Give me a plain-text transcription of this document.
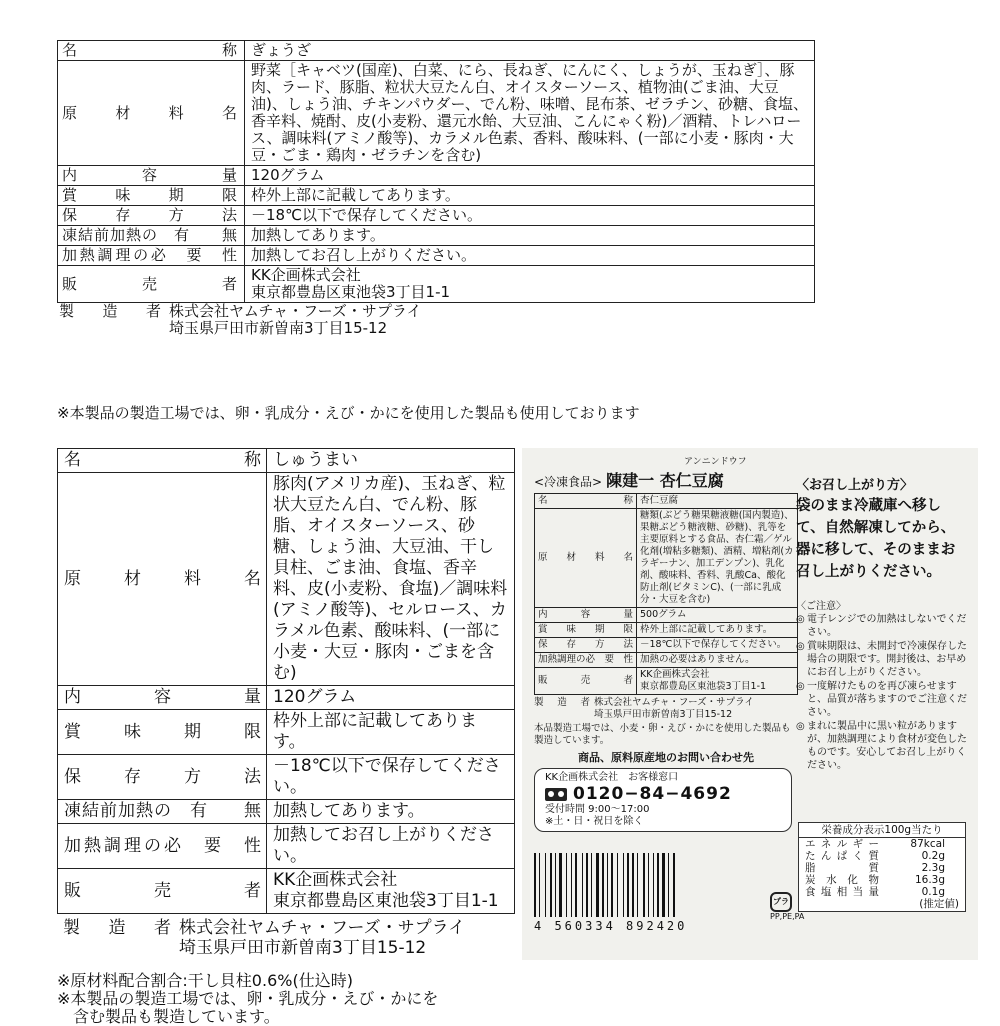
名　　称	ぎょうざ
原材料名	野菜［キャベツ(国産)、白菜、にら、長ねぎ、にんにく、しょうが、玉ねぎ］、豚肉、ラード、豚脂、粒状大豆たん白、オイスターソース、植物油(ごま油、大豆油)、しょう油、チキンパウダー、でん粉、味噌、昆布茶、ゼラチン、砂糖、食塩、香辛料、焼酎、皮(小麦粉、還元水飴、大豆油、こんにゃく粉)／酒精、トレハロース、調味料(アミノ酸等)、カラメル色素、香料、酸味料、(一部に小麦・豚肉・大豆・ごま・鶏肉・ゼラチンを含む)
内 容 量	120グラム
賞味期限	枠外上部に記載してあります。
保存方法	－18℃以下で保存してください。
凍結前加熱の　有　　無	加熱してあります。
加熱調理の必　要　性	加熱してお召し上がりください。
販 売 者	KK企画株式会社
東京都豊島区東池袋3丁目1-1
製 造 者 株式会社ヤムチャ・フーズ・サプライ
埼玉県戸田市新曽南3丁目15-12
※本製品の製造工場では、卵・乳成分・えび・かにを使用した製品も使用しております
名　　称	しゅうまい
原材料名	豚肉(アメリカ産)、玉ねぎ、粒状大豆たん白、でん粉、豚脂、オイスターソース、砂糖、しょう油、大豆油、干し貝柱、ごま油、食塩、香辛料、皮(小麦粉、食塩)／調味料(アミノ酸等)、セルロース、カラメル色素、酸味料、(一部に小麦・大豆・豚肉・ごまを含む)
内 容 量	120グラム
賞味期限	枠外上部に記載してあります。
保存方法	－18℃以下で保存してください。
凍結前加熱の　有　　無	加熱してあります。
加熱調理の必　要　性	加熱してお召し上がりください。
販 売 者	KK企画株式会社
東京都豊島区東池袋3丁目1-1
製 造 者 株式会社ヤムチャ・フーズ・サプライ
埼玉県戸田市新曽南3丁目15-12
※原材料配合割合:干し貝柱0.6%(仕込時)
※本製品の製造工場では、卵・乳成分・えび・かにを
　含む製品も製造しています。
アンニンドウフ
<冷凍食品> 陳建一 杏仁豆腐
名　　称	杏仁豆腐
原材料名	糖類(ぶどう糖果糖液糖(国内製造)、果糖ぶどう糖液糖、砂糖)、乳等を主要原料とする食品、杏仁霜／ゲル化剤(増粘多糖類)、酒精、増粘剤(カラギーナン、加工デンプン)、乳化剤、酸味料、香料、乳酸Ca、酸化防止剤(ビタミンC)、(一部に乳成分・大豆を含む)
内 容 量	500グラム
賞味期限	枠外上部に記載してあります。
保存方法	－18℃以下で保存してください。
加熱調理の必　要　性	加熱の必要はありません。
販 売 者	KK企画株式会社
東京都豊島区東池袋3丁目1-1
製 造 者 株式会社ヤムチャ・フーズ・サプライ
埼玉県戸田市新曽南3丁目15-12
本品製造工場では、小麦・卵・えび・かにを使用した製品も製造しています。
商品、原料原産地のお問い合わせ先
KK企画株式会社　お客様窓口
0120−84−4692
受付時間 9:00〜17:00
※土・日・祝日を除く
4 560334 892420
プラ
PP,PE,PA
〈お召し上がり方〉
袋のまま冷蔵庫へ移して、自然解凍してから、器に移して、そのままお召し上がりください。
〈ご注意〉
◎ 電子レンジでの加熱はしないでください。
◎ 賞味期限は、未開封で冷凍保存した場合の期限です。開封後は、お早めにお召し上がりください。
◎ 一度解けたものを再び凍らせますと、品質が落ちますのでご注意ください。
◎ まれに製品中に黒い粒がありますが、加熱調理により食材が変色したものです。安心してお召し上がりください。
栄養成分表示100g当たり
エネルギー	87kcal
たんぱく質	0.2g
脂　　質	2.3g
炭水化物	16.3g
食塩相当量	0.1g
(推定値)
